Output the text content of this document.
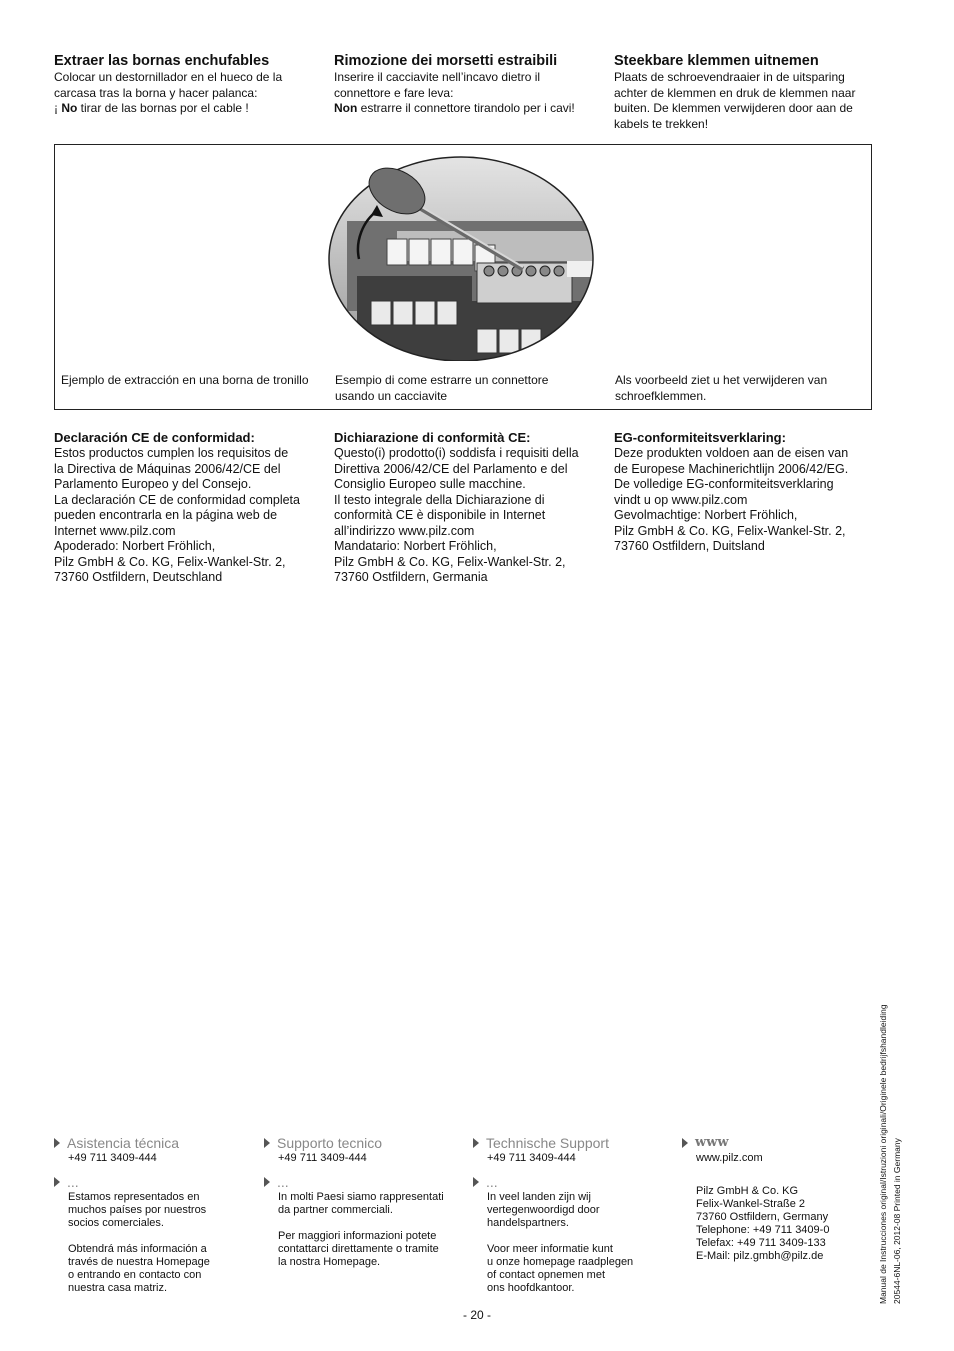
Extraer las bornas enchufables

Colocar un destornillador en el hueco de la

carcasa tras la borna y hacer palanca:

¡ No tirar de las bornas por el cable !

Rimozione dei morsetti estraibili

Inserire il cacciavite nell’incavo dietro il

connettore e fare leva:

Non estrarre il connettore tirandolo per i cavi!

Steekbare klemmen uitnemen

Plaats de schroevendraaier in de uitsparing

achter de klemmen en druk de klemmen naar

buiten. De klemmen verwijderen door aan de

kabels te trekken!

Ejemplo de extracción en una borna de tronillo Esempio di come estrarre un connettore usando un cacciavite

Als voorbeeld ziet u het verwijderen van schroefklemmen.

Declaración CE de conformidad:

Estos productos cumplen los requisitos de

la Directiva de Máquinas 2006/42/CE del

Parlamento Europeo y del Consejo.

La declaración CE de conformidad completa

pueden encontrarla en la página web de

Internet www.pilz.com

Apoderado: Norbert Fröhlich,

Pilz GmbH & Co. KG, Felix-Wankel-Str. 2,

73760 Ostfildern, Deutschland

Dichiarazione di conformità CE:

Questo(i) prodotto(i) soddisfa i requisiti della

Direttiva 2006/42/CE del Parlamento e del

Consiglio Europeo sulle macchine.

Il testo integrale della Dichiarazione di

conformità CE è disponibile in Internet

all’indirizzo www.pilz.com

Mandatario: Norbert Fröhlich,

Pilz GmbH & Co. KG, Felix-Wankel-Str. 2,

73760 Ostfildern, Germania

EG-conformiteitsverklaring:

Deze produkten voldoen aan de eisen van

de Europese Machinerichtlijn 2006/42/EG.

De volledige EG-conformiteitsverklaring

vindt u op www.pilz.com

Gevolmachtige: Norbert Fröhlich,

Pilz GmbH & Co. KG, Felix-Wankel-Str. 2,

73760 Ostfildern, Duitsland

Manual de Instrucciones original/Istruzioni originali/Originele bedrijfshandleiding 20544-6NL-06, 2012-08 Printed in Germany
Asistencia técnica

+49 711 3409-444

...

Estamos representados en

muchos países por nuestros

socios comerciales.

Obtendrá más información a

través de nuestra Homepage

o entrando en contacto con

nuestra casa matriz.

Supporto tecnico

+49 711 3409-444

...

In molti Paesi siamo rappresentati

da partner commerciali.

Per maggiori informazioni potete

contattarci direttamente o tramite

la nostra Homepage.

Technische Support

+49 711 3409-444

...

In veel landen zijn wij

vertegenwoordigd door

handelspartners.

Voor meer informatie kunt

u onze homepage raadplegen

of contact opnemen met

ons hoofdkantoor.

www

www.pilz.com

Pilz GmbH & Co. KG

Felix-Wankel-Straße 2

73760 Ostfildern, Germany

Telephone: +49 711 3409-0

Telefax: +49 711 3409-133

E-Mail: pilz.gmbh@pilz.de

- 20 -
